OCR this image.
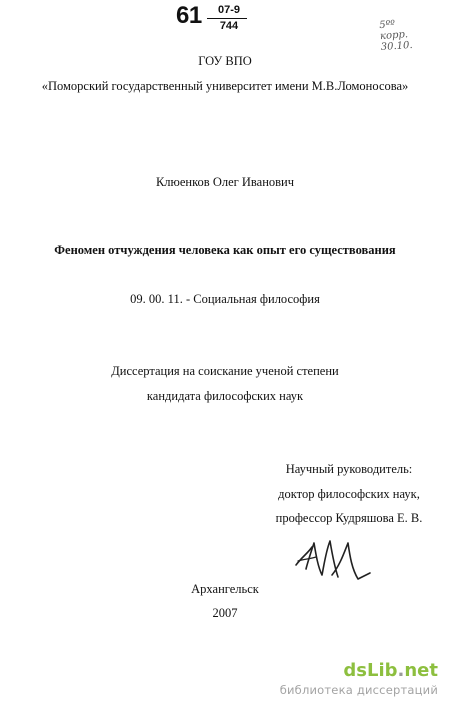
61	07-9
744	5ºº
корр.
30.10.
ГОУ ВПО
«Поморский государственный университет имени М.В.Ломоносова»
Клюенков Олег Иванович
Феномен отчуждения человека как опыт его существования
09. 00. 11. - Социальная философия
Диссертация на соискание ученой степени
кандидата философских наук
Научный руководитель:
доктор философских наук,
профессор Кудряшова Е. В.
Архангельск
2007
dsLib.net
библиотека диссертаций
